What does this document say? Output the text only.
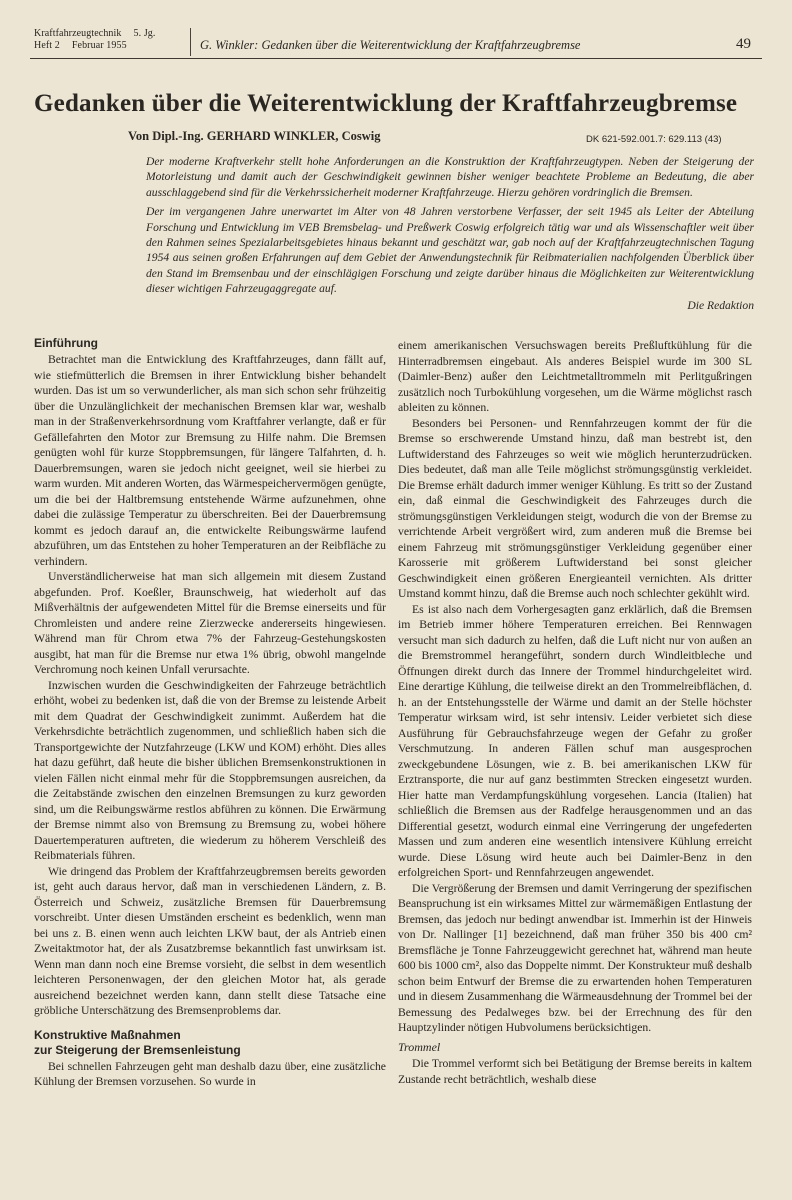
Kraftfahrzeugtechnik 5. Jg.
Heft 2 Februar 1955	G. Winkler: Gedanken über die Weiterentwicklung der Kraftfahrzeugbremse	49
Gedanken über die Weiterentwicklung der Kraftfahrzeugbremse
Von Dipl.-Ing. GERHARD WINKLER, Coswig	DK 621-592.001.7: 629.113 (43)

Der moderne Kraftverkehr stellt hohe Anforderungen an die Konstruktion der Kraftfahrzeugtypen. Neben der Steigerung der Motorleistung und damit auch der Geschwindigkeit gewinnen bisher weniger beachtete Probleme an Bedeutung, die aber ausschlaggebend sind für die Verkehrssicherheit moderner Kraftfahrzeuge. Hierzu gehören vordringlich die Bremsen.

Der im vergangenen Jahre unerwartet im Alter von 48 Jahren verstorbene Verfasser, der seit 1945 als Leiter der Abteilung Forschung und Entwicklung im VEB Bremsbelag- und Preßwerk Coswig erfolgreich tätig war und als Wissenschaftler weit über den Rahmen seines Spezialarbeitsgebietes hinaus bekannt und geschätzt war, gab noch auf der Kraftfahrzeugtechnischen Tagung 1954 aus seinen großen Erfahrungen auf dem Gebiet der Anwendungstechnik für Reibmaterialien nachfolgenden Überblick über den Stand im Bremsenbau und der einschlägigen Forschung und zeigte darüber hinaus die Möglichkeiten zur Weiterentwicklung dieser wichtigen Fahrzeugaggregate auf.

Die Redaktion
Einführung

Betrachtet man die Entwicklung des Kraftfahrzeuges, dann fällt auf, wie stiefmütterlich die Bremsen in ihrer Entwicklung bisher behandelt wurden. Das ist um so verwunderlicher, als man sich schon sehr frühzeitig über die Unzulänglichkeit der mechanischen Bremsen klar war, weshalb man in der Straßenverkehrsordnung vom Kraftfahrer verlangte, daß er für Gefällefahrten den Motor zur Bremsung zu Hilfe nahm. Die Bremsen genügten wohl für kurze Stoppbremsungen, für längere Talfahrten, d. h. Dauerbremsungen, waren sie jedoch nicht geeignet, weil sie hierbei zu warm wurden. Mit anderen Worten, das Wärmespeichervermögen genügte, um die bei der Haltbremsung entstehende Wärme aufzunehmen, ohne dabei die zulässige Temperatur zu überschreiten. Bei der Dauerbremsung kommt es jedoch darauf an, die entwickelte Reibungswärme laufend abzuführen, um das Entstehen zu hoher Temperaturen an der Reibfläche zu verhindern.

Unverständlicherweise hat man sich allgemein mit diesem Zustand abgefunden. Prof. Koeßler, Braunschweig, hat wiederholt auf das Mißverhältnis der aufgewendeten Mittel für die Bremse einerseits und für Chromleisten und andere reine Zierzwecke andererseits hingewiesen. Während man für Chrom etwa 7% der Fahrzeug-Gestehungskosten ausgibt, hat man für die Bremse nur etwa 1% übrig, obwohl mangelnde Verchromung noch keinen Unfall verursachte.

Inzwischen wurden die Geschwindigkeiten der Fahrzeuge beträchtlich erhöht, wobei zu bedenken ist, daß die von der Bremse zu leistende Arbeit mit dem Quadrat der Geschwindigkeit zunimmt. Außerdem hat die Verkehrsdichte beträchtlich zugenommen, und schließlich haben sich die Transportgewichte der Nutzfahrzeuge (LKW und KOM) erhöht. Dies alles hat dazu geführt, daß heute die bisher üblichen Bremsenkonstruktionen in vielen Fällen nicht einmal mehr für die Stoppbremsungen ausreichen, da die Zeitabstände zwischen den einzelnen Bremsungen zu kurz geworden sind, um die Reibungswärme restlos abführen zu können. Die Erwärmung der Bremse nimmt also von Bremsung zu Bremsung zu, wobei höhere Dauertemperaturen auftreten, die wiederum zu höherem Verschleiß des Reibmaterials führen.

Wie dringend das Problem der Kraftfahrzeugbremsen bereits geworden ist, geht auch daraus hervor, daß man in verschiedenen Ländern, z. B. Österreich und Schweiz, zusätzliche Bremsen für Dauerbremsung vorschreibt. Unter diesen Umständen erscheint es bedenklich, wenn man bei uns z. B. einen wenn auch leichten LKW baut, der als Antrieb einen Zweitaktmotor hat, der als Zusatzbremse bekanntlich fast unwirksam ist. Wenn man dann noch eine Bremse vorsieht, die selbst in dem wesentlich leichteren Personenwagen, der den gleichen Motor hat, als gerade ausreichend bezeichnet werden kann, dann stellt diese Tatsache eine gröbliche Unterschätzung des Bremsenproblems dar.

Konstruktive Maßnahmen
zur Steigerung der Bremsenleistung

Bei schnellen Fahrzeugen geht man deshalb dazu über, eine zusätzliche Kühlung der Bremsen vorzusehen. So wurde in

einem amerikanischen Versuchswagen bereits Preßluftkühlung für die Hinterradbremsen eingebaut. Als anderes Beispiel wurde im 300 SL (Daimler-Benz) außer den Leichtmetalltrommeln mit Perlitgußringen zusätzlich noch Turbokühlung vorgesehen, um die Wärme möglichst rasch ableiten zu können.

Besonders bei Personen- und Rennfahrzeugen kommt der für die Bremse so erschwerende Umstand hinzu, daß man bestrebt ist, den Luftwiderstand des Fahrzeuges so weit wie möglich herunterzudrücken. Dies bedeutet, daß man alle Teile möglichst strömungsgünstig verkleidet. Die Bremse erhält dadurch immer weniger Kühlung. Es tritt so der Zustand ein, daß einmal die Geschwindigkeit des Fahrzeuges durch die strömungsgünstigen Verkleidungen steigt, wodurch die von der Bremse zu verrichtende Arbeit vergrößert wird, zum anderen muß die Bremse bei einem Fahrzeug mit strömungsgünstiger Verkleidung gegenüber einer Karosserie mit größerem Luftwiderstand bei sonst gleicher Geschwindigkeit einen größeren Energieanteil vernichten. Als dritter Umstand kommt hinzu, daß die Bremse auch noch schlechter gekühlt wird.

Es ist also nach dem Vorhergesagten ganz erklärlich, daß die Bremsen im Betrieb immer höhere Temperaturen erreichen. Bei Rennwagen versucht man sich dadurch zu helfen, daß die Luft nicht nur von außen an die Bremstrommel herangeführt, sondern durch Windleitbleche und Öffnungen direkt durch das Innere der Trommel hindurchgeleitet wird. Eine derartige Kühlung, die teilweise direkt an den Trommelreibflächen, d. h. an der Entstehungsstelle der Wärme und damit an der Stelle höchster Temperatur wirksam wird, ist sehr intensiv. Leider verbietet sich diese Ausführung für Gebrauchsfahrzeuge wegen der Gefahr zu großer Verschmutzung. In anderen Fällen schuf man ausgesprochen zweckgebundene Lösungen, wie z. B. bei amerikanischen LKW für Erztransporte, die nur auf ganz bestimmten Strecken eingesetzt wurden. Hier hatte man Verdampfungskühlung vorgesehen. Lancia (Italien) hat schließlich die Bremsen aus der Radfelge herausgenommen und an das Differential gesetzt, wodurch einmal eine Verringerung der ungefederten Massen und zum anderen eine wesentlich intensivere Kühlung erreicht wurde. Diese Lösung wird heute auch bei Daimler-Benz in den erfolgreichen Sport- und Rennfahrzeugen angewendet.

Die Vergrößerung der Bremsen und damit Verringerung der spezifischen Beanspruchung ist ein wirksames Mittel zur wärmemäßigen Entlastung der Bremsen, das jedoch nur bedingt anwendbar ist. Immerhin ist der Hinweis von Dr. Nallinger [1] bezeichnend, daß man früher 350 bis 400 cm² Bremsfläche je Tonne Fahrzeuggewicht gerechnet hat, während man heute 600 bis 1000 cm², also das Doppelte nimmt. Der Konstrukteur muß deshalb schon beim Entwurf der Bremse die zu erwartenden hohen Temperaturen und in diesem Zusammenhang die Wärmeausdehnung der Trommel bei der Bemessung des Pedalweges bzw. bei der Errechnung des für den Hauptzylinder nötigen Hubvolumens berücksichtigen.

Trommel

Die Trommel verformt sich bei Betätigung der Bremse bereits in kaltem Zustande recht beträchtlich, weshalb diese
